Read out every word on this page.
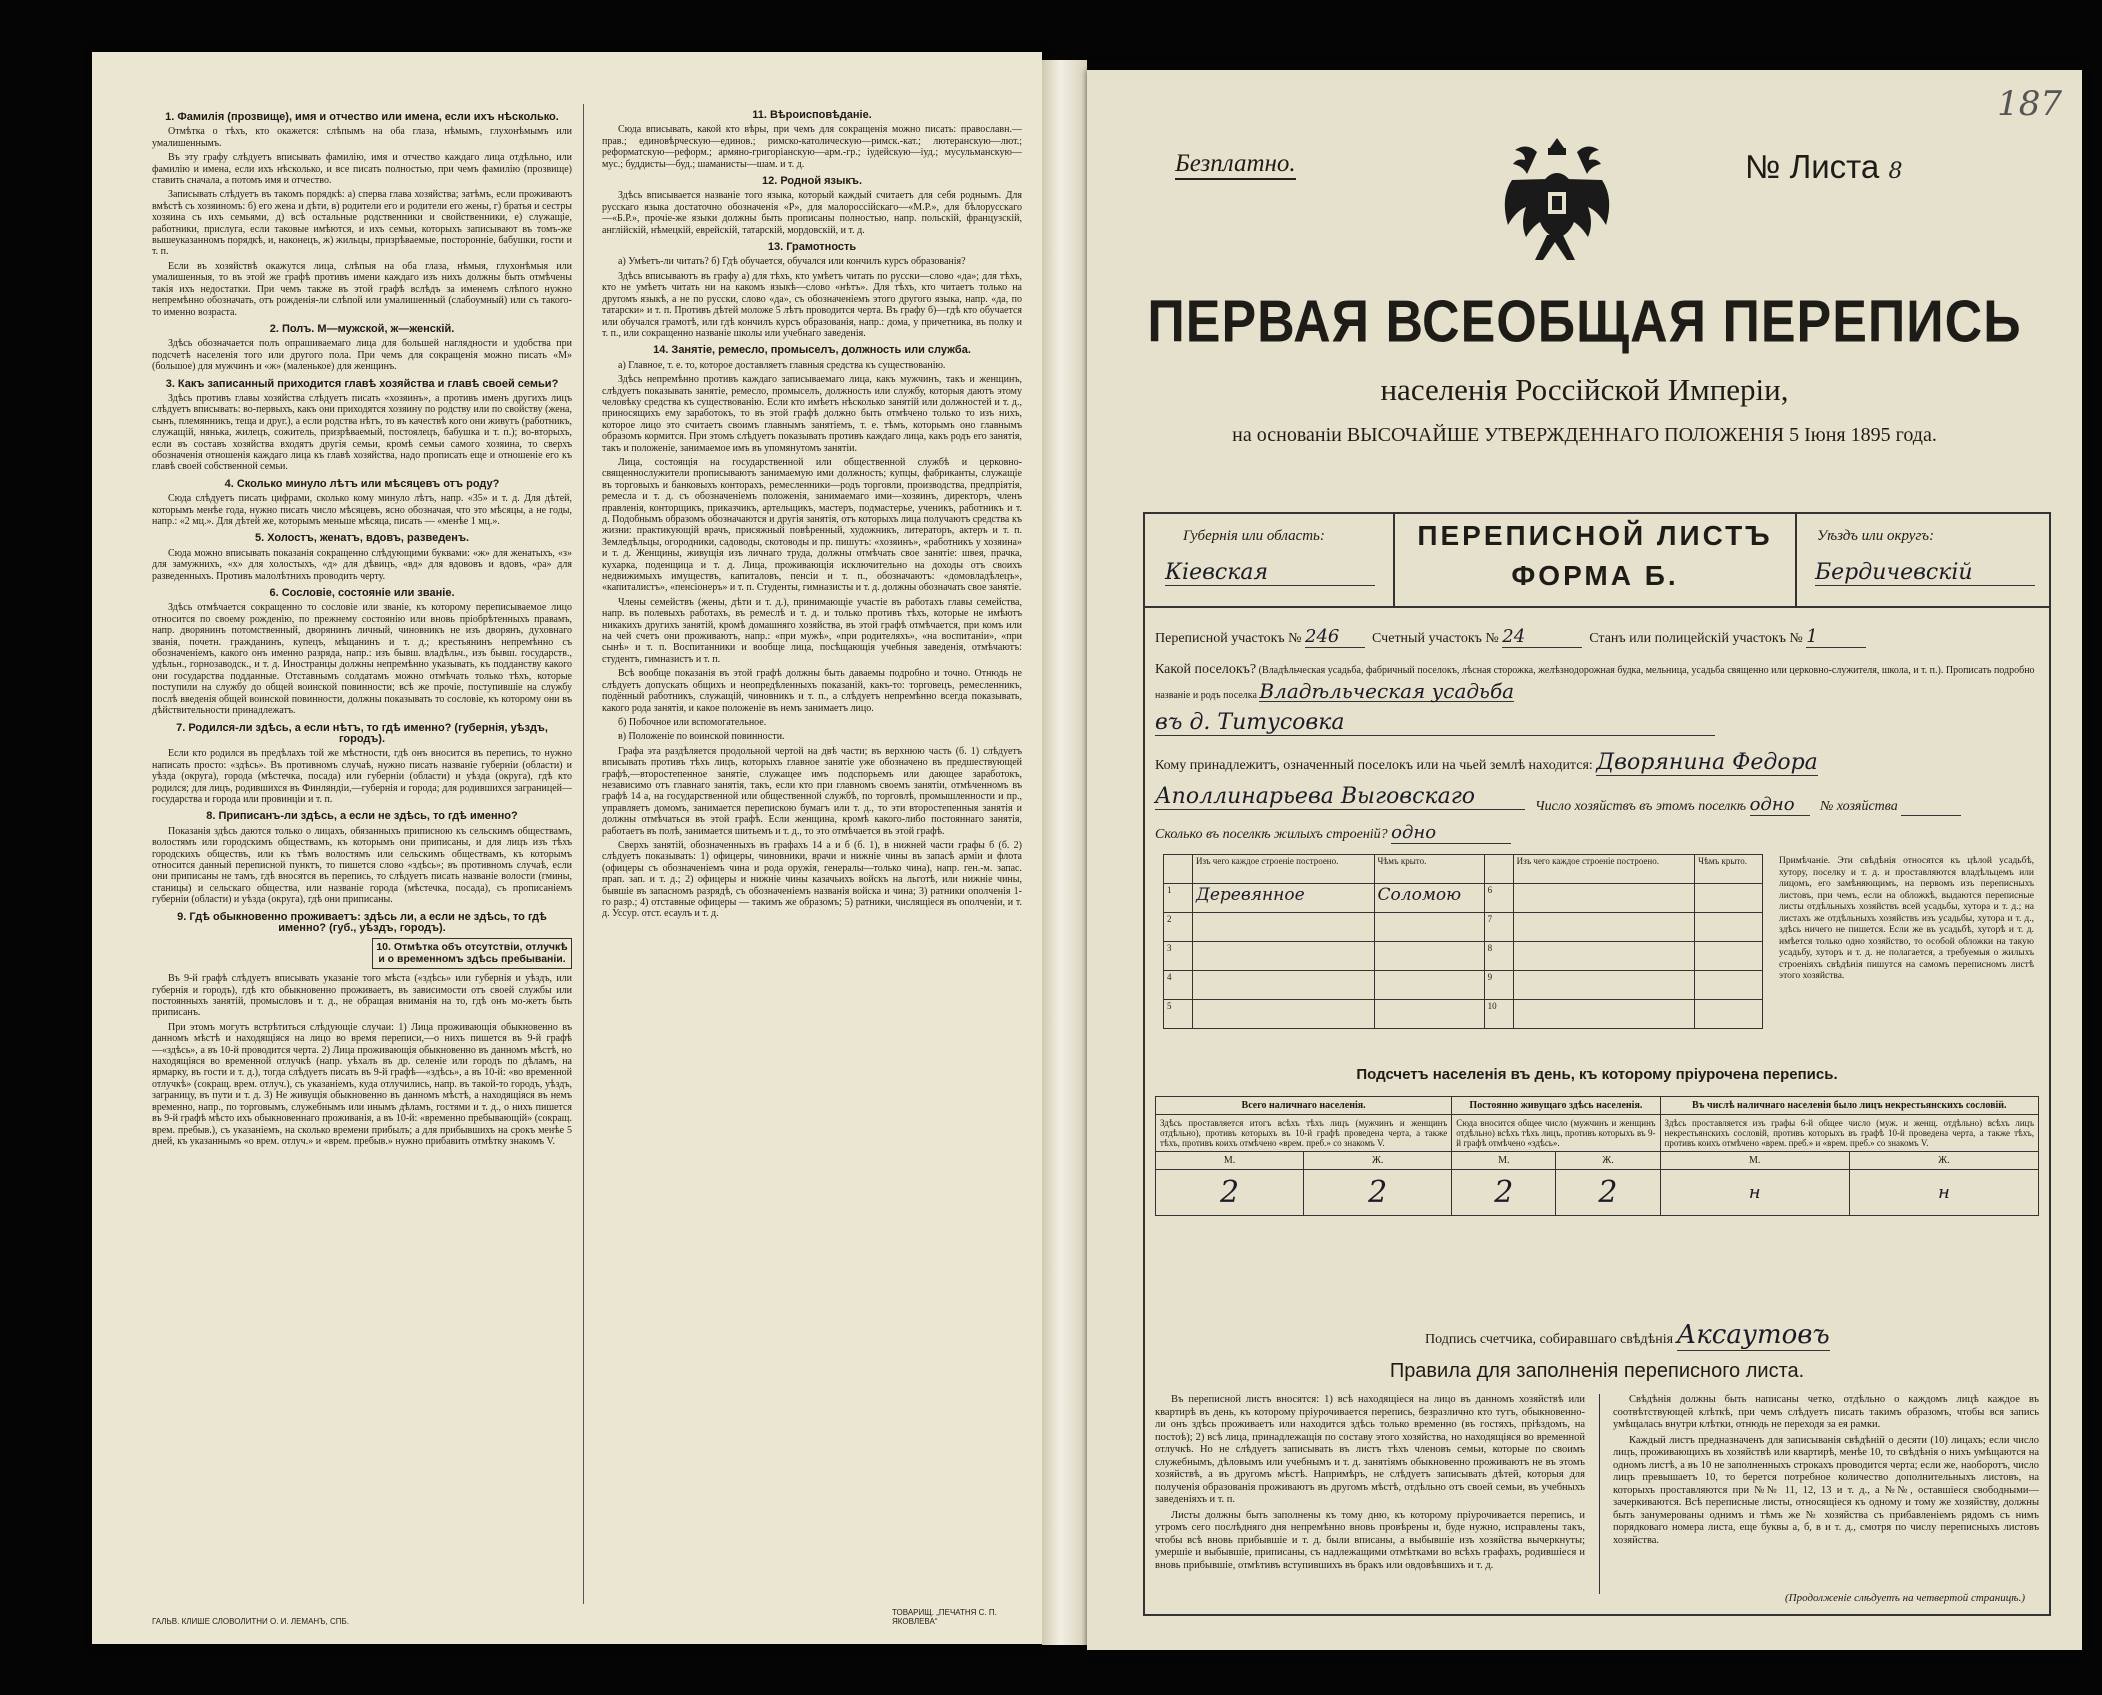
1. Фамилія (прозвище), имя и отчество или имена, если ихъ нѣсколько.

Отмѣтка о тѣхъ, кто окажется: слѣпымъ на оба глаза, нѣмымъ, глухонѣмымъ или умалишеннымъ.

Въ эту графу слѣдуетъ вписывать фамилію, имя и отчество каждаго лица отдѣльно, или фамилію и имена, если ихъ нѣсколько, и все писать полностью, при чемъ фамилію (прозвище) ставить сначала, а потомъ имя и отчество.

Записывать слѣдуетъ въ такомъ порядкѣ: а) сперва глава хозяйства; затѣмъ, если проживаютъ вмѣстѣ съ хозяиномъ: б) его жена и дѣти, в) родители его и родители его жены, г) братья и сестры хозяина съ ихъ семьями, д) всѣ остальные родственники и свойственники, е) служащіе, работники, прислуга, если таковые имѣются, и ихъ семьи, которыхъ записывают въ томъ-же вышеуказанномъ порядкѣ, и, наконецъ, ж) жильцы, призрѣваемые, посторонніе, бабушки, гости и т. п.

Если въ хозяйствѣ окажутся лица, слѣпыя на оба глаза, нѣмыя, глухонѣмыя или умалишенныя, то въ этой же графѣ противъ имени каждаго изъ нихъ должны быть отмѣчены такія ихъ недостатки. При чемъ также въ этой графѣ вслѣдъ за именемъ слѣпого нужно непремѣнно обозначать, отъ рожденія-ли слѣпой или умалишенный (слабоумный) или съ такого-то именно возраста.

2. Полъ. М—мужской, ж—женскій.

Здѣсь обозначается полъ опрашиваемаго лица для большей наглядности и удобства при подсчетѣ населенія того или другого пола. При чемъ для сокращенія можно писать «М» (большое) для мужчинъ и «ж» (маленькое) для женщинъ.

3. Какъ записанный приходится главѣ хозяйства и главѣ своей семьи?

Здѣсь противъ главы хозяйства слѣдуетъ писать «хозяинъ», а противъ именъ другихъ лицъ слѣдуетъ вписывать: во-первыхъ, какъ они приходятся хозяину по родству или по свойству (жена, сынъ, племянникъ, теща и друг.), а если родства нѣтъ, то въ качествѣ кого они живутъ (работникъ, служащій, нянька, жилецъ, сожитель, призрѣваемый, постоялецъ, бабушка и т. п.); во-вторыхъ, если въ составъ хозяйства входятъ другія семьи, кромѣ семьи самого хозяина, то сверхъ обозначенія отношенія каждаго лица къ главѣ хозяйства, надо прописать еще и отношеніе его къ главѣ своей собственной семьи.

4. Сколько минуло лѣтъ или мѣсяцевъ отъ роду?

Сюда слѣдуетъ писать цифрами, сколько кому минуло лѣтъ, напр. «35» и т. д. Для дѣтей, которымъ менѣе года, нужно писать число мѣсяцевъ, ясно обозначая, что это мѣсяцы, а не годы, напр.: «2 мц.». Для дѣтей же, которымъ меньше мѣсяца, писать — «менѣе 1 мц.».

5. Холостъ, женатъ, вдовъ, разведенъ.

Сюда можно вписывать показанія сокращенно слѣдующими буквами: «ж» для женатыхъ, «з» для замужнихъ, «х» для холостыхъ, «д» для дѣвицъ, «вд» для вдововъ и вдовъ, «ра» для разведенныхъ. Противъ малолѣтнихъ проводить черту.

6. Сословіе, состояніе или званіе.

Здѣсь отмѣчается сокращенно то сословіе или званіе, къ которому переписываемое лицо относится по своему рожденію, по прежнему состоянію или вновь пріобрѣтенныхъ правамъ, напр. дворянинъ потомственный, дворянинъ личный, чиновникъ не изъ дворянъ, духовнаго званія, почетн. гражданинъ, купецъ, мѣщанинъ и т. д.; крестьянинъ непремѣнно съ обозначеніемъ, какого онъ именно разряда, напр.: изъ бывш. владѣльч., изъ бывш. государств., удѣльн., горнозаводск., и т. д. Иностранцы должны непремѣнно указывать, къ подданству какого они государства подданные. Отставнымъ солдатамъ можно отмѣчать только тѣхъ, которые поступили на службу до общей воинской повинности; всѣ же прочіе, поступившіе на службу послѣ введенія общей воинской повинности, должны показывать то сословіе, къ которому они въ дѣйствительности принадлежатъ.

7. Родился-ли здѣсь, а если нѣтъ, то гдѣ именно? (губернія, уѣздъ, городъ).

Если кто родился въ предѣлахъ той же мѣстности, гдѣ онъ вносится въ перепись, то нужно написать просто: «здѣсь». Въ противномъ случаѣ, нужно писать названіе губерніи (области) и уѣзда (округа), города (мѣстечка, посада) или губерніи (области) и уѣзда (округа), гдѣ кто родился; для лицъ, родившихся въ Финляндіи,—губернія и города; для родившихся заграницей—государства и города или провинціи и т. п.

8. Приписанъ-ли здѣсь, а если не здѣсь, то гдѣ именно?

Показанія здѣсь даются только о лицахъ, обязанныхъ приписною къ сельскимъ обществамъ, волостямъ или городскимъ обществамъ, къ которымъ они приписаны, и для лицъ изъ тѣхъ городскихъ обществъ, или къ тѣмъ волостямъ или сельскимъ обществамъ, къ которымъ относится данный переписной пунктъ, то пишется слово «здѣсь»; въ противномъ случаѣ, если они приписаны не тамъ, гдѣ вносятся въ перепись, то слѣдуетъ писать названіе волости (гмины, станицы) и сельскаго общества, или названіе города (мѣстечка, посада), съ прописаніемъ губерніи (области) и уѣзда (округа), гдѣ они приписаны.

9. Гдѣ обыкновенно проживаетъ: здѣсь ли, а если не здѣсь, то гдѣ именно? (губ., уѣздъ, городъ).
10. Отмѣтка объ отсутствіи, отлучкѣ и о временномъ здѣсь пребываніи.

Въ 9-й графѣ слѣдуетъ вписывать указаніе того мѣста («здѣсь» или губернія и уѣздъ, или губернія и городъ), гдѣ кто обыкновенно проживаетъ, въ зависимости отъ своей службы или постоянныхъ занятій, промысловъ и т. д., не обращая вниманія на то, гдѣ онъ мо-жетъ быть приписанъ.

При этомъ могутъ встрѣтиться слѣдующіе случаи: 1) Лица проживающія обыкновенно въ данномъ мѣстѣ и находящіяся на лицо во время переписи,—о нихъ пишется въ 9-й графѣ—«здѣсь», а въ 10-й проводится черта. 2) Лица проживающія обыкновенно въ данномъ мѣстѣ, но находящіяся во временной отлучкѣ (напр. уѣхалъ въ др. селеніе или городъ по дѣламъ, на ярмарку, въ гости и т. д.), тогда слѣдуетъ писать въ 9-й графѣ—«здѣсь», а въ 10-й: «во временной отлучкѣ» (сокращ. врем. отлуч.), съ указаніемъ, куда отлучились, напр. въ такой-то городъ, уѣздъ, заграницу, въ пути и т. д. 3) Не живущія обыкновенно въ данномъ мѣстѣ, а находящіяся въ немъ временно, напр., по торговымъ, служебнымъ или инымъ дѣламъ, гостями и т. д., о нихъ пишется въ 9-й графѣ мѣсто ихъ обыкновеннаго проживанія, а въ 10-й: «временно пребывающій» (сокращ. врем. пребыв.), съ указаніемъ, на сколько времени прибылъ; а для прибывшихъ на срокъ менѣе 5 дней, къ указаннымъ «о врем. отлуч.» и «врем. пребыв.» нужно прибавить отмѣтку знакомъ V.

11. Вѣроисповѣданіе.

Сюда вписывать, какой кто вѣры, при чемъ для сокращенія можно писать: православн.—прав.; единовѣрческую—единов.; римско-католическую—римск.-кат.; лютеранскую—лют.; реформатскую—реформ.; армяно-григоріанскую—арм.-гр.; іудейскую—іуд.; мусульманскую—мус.; буддисты—буд.; шаманисты—шам. и т. д.

12. Родной языкъ.

Здѣсь вписывается названіе того языка, который каждый считаетъ для себя роднымъ. Для русскаго языка достаточно обозначенія «Р», для малороссійскаго—«М.Р.», для бѣлорусскаго—«Б.Р.», прочіе-же языки должны быть прописаны полностью, напр. польскій, французскій, англійскій, нѣмецкій, еврейскій, татарскій, мордовскій, и т. д.

13. Грамотность

а) Умѣетъ-ли читать? б) Гдѣ обучается, обучался или кончилъ курсъ образованія?

Здѣсь вписываютъ въ графу а) для тѣхъ, кто умѣетъ читать по русски—слово «да»; для тѣхъ, кто не умѣетъ читать ни на какомъ языкѣ—слово «нѣтъ». Для тѣхъ, кто читаетъ только на другомъ языкѣ, а не по русски, слово «да», съ обозначеніемъ этого другого языка, напр. «да, по татарски» и т. п. Противъ дѣтей моложе 5 лѣтъ проводится черта. Въ графу б)—гдѣ кто обучается или обучался грамотѣ, или гдѣ кончилъ курсъ образованія, напр.: дома, у причетника, въ полку и т. п., или сокращенно названіе школы или учебнаго заведенія.

14. Занятіе, ремесло, промыселъ, должность или служба.

а) Главное, т. е. то, которое доставляетъ главныя средства къ существованію.

Здѣсь непремѣнно противъ каждаго записываемаго лица, какъ мужчинъ, такъ и женщинъ, слѣдуетъ показывать занятіе, ремесло, промыселъ, должность или службу, которыя даютъ этому человѣку средства къ существованію. Если кто имѣетъ нѣсколько занятій или должностей и т. д., приносящихъ ему заработокъ, то въ этой графѣ должно быть отмѣчено только то изъ нихъ, которое лицо это считаетъ своимъ главнымъ занятіемъ, т. е. тѣмъ, которымъ оно главнымъ образомъ кормится. При этомъ слѣдуетъ показывать противъ каждаго лица, какъ родъ его занятія, такъ и положеніе, занимаемое имъ въ упомянутомъ занятіи.

Лица, состоящія на государственной или общественной службѣ и церковно-священнослужители прописываютъ занимаемую ими должность; купцы, фабриканты, служащіе въ торговыхъ и банковыхъ конторахъ, ремесленники—родъ торговли, производства, предпріятія, ремесла и т. д. съ обозначеніемъ положенія, занимаемаго ими—хозяинъ, директоръ, членъ правленія, конторщикъ, приказчикъ, артельщикъ, мастеръ, подмастерье, ученикъ, работникъ и т. д. Подобнымъ образомъ обозначаются и другія занятія, отъ которыхъ лица получаютъ средства къ жизни: практикующій врачъ, присяжный повѣренный, художникъ, литераторъ, актеръ и т. п. Земледѣльцы, огородники, садоводы, скотоводы и пр. пишутъ: «хозяинъ», «работникъ у хозяина» и т. д. Женщины, живущія изъ личнаго труда, должны отмѣчать свое занятіе: швея, прачка, кухарка, поденщица и т. д. Лица, проживающія исключительно на доходы отъ своихъ недвижимыхъ имуществъ, капиталовъ, пенсіи и т. п., обозначаютъ: «домовладѣлецъ», «капиталистъ», «пенсіонеръ» и т. п. Студенты, гимназисты и т. д. должны обозначать свое занятіе.

Члены семействъ (жены, дѣти и т. д.), принимающіе участіе въ работахъ главы семейства, напр. въ полевыхъ работахъ, въ ремеслѣ и т. д. и только противъ тѣхъ, которые не имѣютъ никакихъ другихъ занятій, кромѣ домашняго хозяйства, въ этой графѣ отмѣчается, при комъ или на чей счетъ они проживаютъ, напр.: «при мужѣ», «при родителяхъ», «на воспитаніи», «при сынѣ» и т. п. Воспитанники и вообще лица, посѣщающія учебныя заведенія, отмѣчаютъ: студентъ, гимназистъ и т. п.

Всѣ вообще показанія въ этой графѣ должны быть даваемы подробно и точно. Отнюдь не слѣдуетъ допускать общихъ и неопредѣленныхъ показаній, какъ-то: торговецъ, ремесленникъ, подённый работникъ, служащій, чиновникъ и т. п., а слѣдуетъ непремѣнно всегда показывать, какого рода занятія, и какое положеніе въ немъ занимаетъ лицо.

б) Побочное или вспомогательное.

в) Положеніе по воинской повинности.

Графа эта раздѣляется продольной чертой на двѣ части; въ верхнюю часть (б. 1) слѣдуетъ вписывать противъ тѣхъ лицъ, которыхъ главное занятіе уже обозначено въ предшествующей графѣ,—второстепенное занятіе, служащее имъ подспорьемъ или дающее заработокъ, независимо отъ главнаго занятія, такъ, если кто при главномъ своемъ занятіи, отмѣченномъ въ графѣ 14 а, на государственной или общественной службѣ, по торговлѣ, промышленности и пр., управляетъ домомъ, занимается перепискою бумагъ или т. д., то эти второстепенныя занятія и должны отмѣчаться въ этой графѣ. Если женщина, кромѣ какого-либо постояннаго занятія, работаетъ въ полѣ, занимается шитьемъ и т. д., то это отмѣчается въ этой графѣ.

Сверхъ занятій, обозначенныхъ въ графахъ 14 а и б (б. 1), в нижней части графы б (б. 2) слѣдуетъ показывать: 1) офицеры, чиновники, врачи и нижніе чины въ запасѣ армiи и флота (офицеры съ обозначеніемъ чина и рода оружія, генералы—только чина), напр. ген.-м. запас. прап. зап. и т. д.; 2) офицеры и нижніе чины казачьихъ войскъ на льготѣ, или нижніе чины, бывшіе въ запасномъ разрядѣ, съ обозначеніемъ названія войска и чина; 3) ратники ополченія 1-го разр.; 4) отставные офицеры — такимъ же образомъ; 5) ратники, числящіеся въ ополченіи, и т. д. Уссур. отст. есаулъ и т. д.

ГАЛЬВ. КЛИШЕ СЛОВОЛИТНИ О. И. ЛЕМАНЪ, СПБ.
ТОВАРИЩ. „ПЕЧАТНЯ С. П. ЯКОВЛЕВА“
187
Безплатно.	№ Листа 8
ПЕРВАЯ ВСЕОБЩАЯ ПЕРЕПИСЬ
населенія Россійской Имперіи,
на основаніи ВЫСОЧАЙШЕ УТВЕРЖДЕННАГО ПОЛОЖЕНІЯ 5 Іюня 1895 года.
Губернія или область:
Кіевская
ПЕРЕПИСНОЙ ЛИСТЪ
ФОРМА Б.
Уѣздъ или округъ:
Бердичевскій
Переписной участокъ № 246 Счетный участокъ № 24	Станъ или полицейскій участокъ № 1
Какой поселокъ? (Владѣльческая усадьба, фабричный поселокъ, лѣсная сторожка, желѣзнодорожная будка, мельница, усадьба священно или церковно-служителя, школа, и т. п.). Прописать подробно названіе и родъ поселка Владѣльческая усадьба
въ д. Титусовка
Кому принадлежитъ, означенный поселокъ или на чьей землѣ находится: Дворянина Федора
Аполлинарьева Выговскаго	Число хозяйствъ въ этомъ поселкѣ одно № хозяйства
Сколько въ поселкѣ жилыхъ строеній? одно
	Изъ чего каждое строеніе построено.	Чѣмъ крыто.		Изъ чего каждое строеніе построено.	Чѣмъ крыто.
1	Деревянное	Соломою	6		
2			7		
3			8		
4			9		
5			10		
Примѣчаніе. Эти свѣдѣнія относятся къ цѣлой усадьбѣ, хутору, поселку и т. д. и проставляются владѣльцемъ или лицомъ, его замѣняющимъ, на первомъ изъ переписныхъ листовъ, при чемъ, если на обложкѣ, выдаются переписные листы отдѣльныхъ хозяйствъ всей усадьбы, хутора и т. д.; на листахъ же отдѣльныхъ хозяйствъ изъ усадьбы, хутора и т. д., здѣсь ничего не пишется. Если же въ усадьбѣ, хуторѣ и т. д. имѣется только одно хозяйство, то особой обложки на такую усадьбу, хуторъ и т. д. не полагается, а требуемыя о жилыхъ строеніяхъ свѣдѣнія пишутся на самомъ переписномъ листѣ этого хозяйства.
Подсчетъ населенія въ день, къ которому пріурочена перепись.
Всего наличнаго населенія.		Постоянно живущаго здѣсь населенія.		Въ числѣ наличнаго населенія было лицъ некрестьянскихъ сословій.	
Здѣсь проставляется итогъ всѣхъ тѣхъ лицъ (мужчинъ и женщинъ отдѣльно), противъ которыхъ въ 10-й графѣ проведена черта, а также тѣхъ, противъ коихъ отмѣчено «врем. преб.» со знакомъ V.		Сюда вносится общее число (мужчинъ и женщинъ отдѣльно) всѣхъ тѣхъ лицъ, противъ которыхъ въ 9-й графѣ отмѣчено «здѣсь».		Здѣсь проставляется изъ графы 6-й общее число (муж. и женщ. отдѣльно) всѣхъ лицъ некрестьянскихъ сословій, противъ которыхъ въ графѣ 10-й проведена черта, а также тѣхъ, противъ коихъ отмѣчено «врем. преб.» и «врем. преб.» со знакомъ V.	
М.	Ж.	М.	Ж.	М.	Ж.
2	2	2	2	н	н
Подпись счетчика, собиравшаго свѣдѣнія Аксаутовъ
Правила для заполненія переписного листа.

Въ переписной листъ вносятся: 1) всѣ находящіеся на лицо въ данномъ хозяйствѣ или квартирѣ въ день, къ которому пріурочивается перепись, безразлично кто тутъ, обыкновенно-ли онъ здѣсь проживаетъ или находится здѣсь только временно (въ гостяхъ, пріѣздомъ, на постоѣ); 2) всѣ лица, принадлежащія по составу этого хозяйства, но находящіяся во временной отлучкѣ. Но не слѣдуетъ записывать въ листъ тѣхъ членовъ семьи, которые по своимъ служебнымъ, дѣловымъ или учебнымъ и т. д. занятіямъ обыкновенно проживаютъ не въ этомъ хозяйствѣ, а въ другомъ мѣстѣ. Напримѣръ, не слѣдуетъ записывать дѣтей, которыя для полученія образованія проживаютъ въ другомъ мѣстѣ, отдѣльно отъ своей семьи, въ учебныхъ заведеніяхъ и т. п.

Листы должны быть заполнены къ тому дню, къ которому пріурочивается перепись, и утромъ сего послѣдняго дня непремѣнно вновь провѣрены и, буде нужно, исправлены такъ, чтобы всѣ вновь прибывшіе и т. д. были вписаны, а выбывшіе изъ хозяйства вычеркнуты; умершіе и выбывшіе, приписаны, съ надлежащими отмѣтками во всѣхъ графахъ, родившіеся и вновь прибывшіе, отмѣтивъ вступившихъ въ бракъ или овдовѣвшихъ и т. д.

Свѣдѣнія должны быть написаны четко, отдѣльно о каждомъ лицѣ каждое въ соотвѣтствующей клѣткѣ, при чемъ слѣдуетъ писать такимъ образомъ, чтобы вся запись умѣщалась внутри клѣтки, отнюдь не переходя за ея рамки.

Каждый листъ предназначенъ для записыванія свѣдѣній о десяти (10) лицахъ; если число лицъ, проживающихъ въ хозяйствѣ или квартирѣ, менѣе 10, то свѣдѣнія о нихъ умѣщаются на одномъ листѣ, а въ 10 не заполненныхъ строкахъ проводится черта; если же, наоборотъ, число лицъ превышаетъ 10, то берется потребное количество дополнительныхъ листовъ, на которыхъ проставляются при №№ 11, 12, 13 и т. д., а №№, оставшіеся свободными—зачеркиваются. Всѣ переписные листы, относящіеся къ одному и тому же хозяйству, должны быть занумерованы однимъ и тѣмъ же № хозяйства съ прибавленіемъ рядомъ съ нимъ порядковаго номера листа, еще буквы а, б, в и т. д., смотря по числу переписныхъ листовъ хозяйства.

(Продолженіе слѣдуетъ на четвертой страницѣ.)
